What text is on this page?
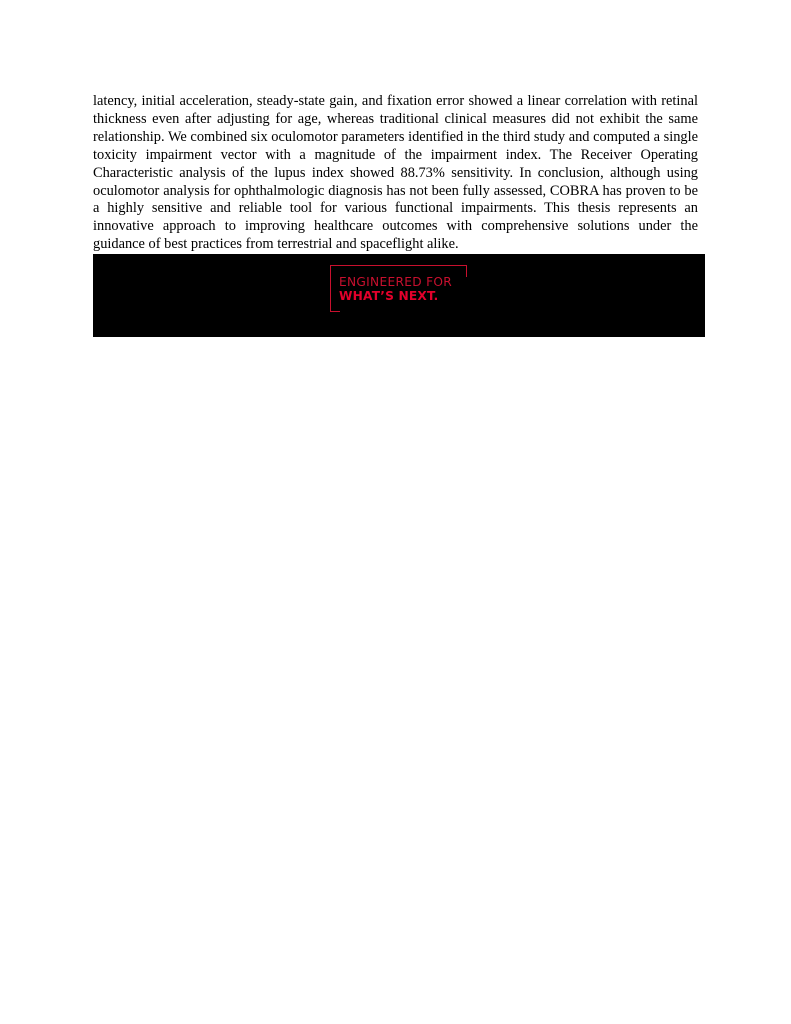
latency, initial acceleration, steady-state gain, and fixation error showed a linear correlation with retinal thickness even after adjusting for age, whereas traditional clinical measures did not exhibit the same relationship. We combined six oculomotor parameters identified in the third study and computed a single toxicity impairment vector with a magnitude of the impairment index. The Receiver Operating Characteristic analysis of the lupus index showed 88.73% sensitivity. In conclusion, although using oculomotor analysis for ophthalmologic diagnosis has not been fully assessed, COBRA has proven to be a highly sensitive and reliable tool for various functional impairments. This thesis represents an innovative approach to improving healthcare outcomes with comprehensive solutions under the guidance of best practices from terrestrial and spaceflight alike.

ENGINEERED FOR
WHAT’S NEXT.
